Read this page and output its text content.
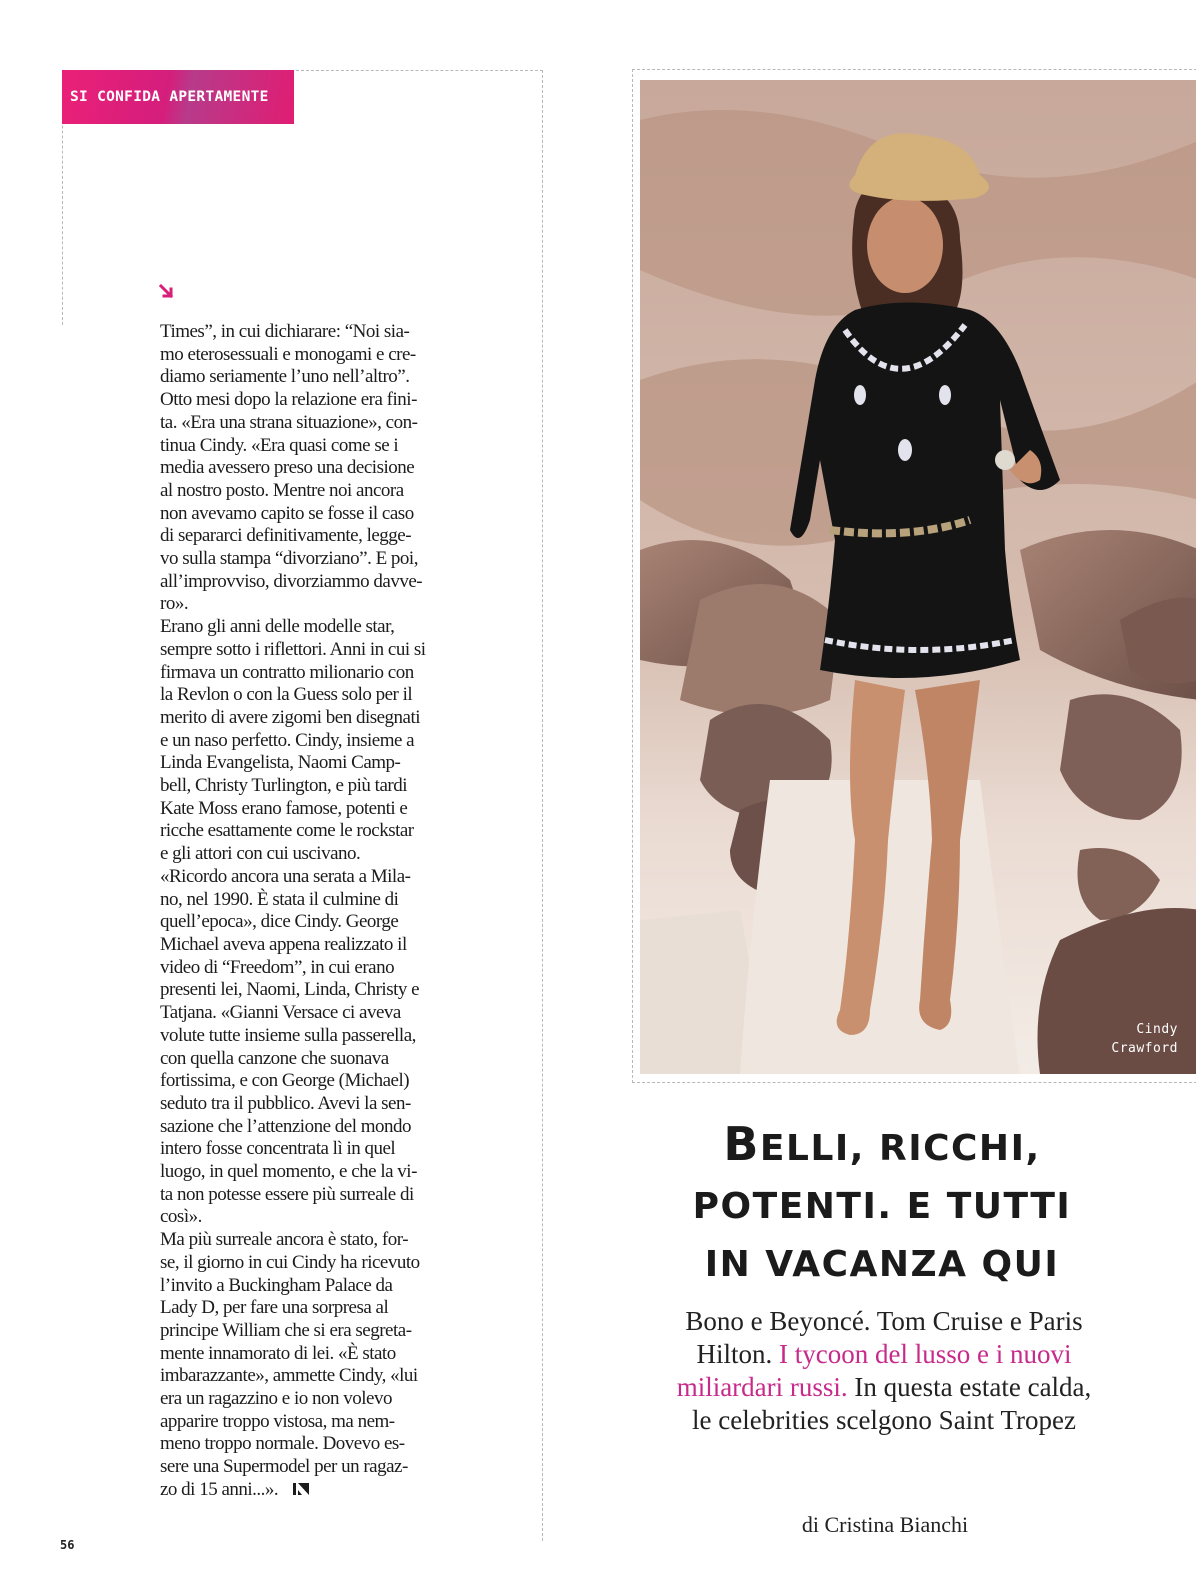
SI CONFIDA APERTAMENTE
Times”, in cui dichiarare: “Noi sia-
mo eterosessuali e monogami e cre-
diamo seriamente l’uno nell’altro”.
Otto mesi dopo la relazione era fini-
ta. «Era una strana situazione», con-
tinua Cindy. «Era quasi come se i
media avessero preso una decisione
al nostro posto. Mentre noi ancora
non avevamo capito se fosse il caso
di separarci definitivamente, legge-
vo sulla stampa “divorziano”. E poi,
all’improvviso, divorziammo davve-
ro».
Erano gli anni delle modelle star,
sempre sotto i riflettori. Anni in cui si
firmava un contratto milionario con
la Revlon o con la Guess solo per il
merito di avere zigomi ben disegnati
e un naso perfetto. Cindy, insieme a
Linda Evangelista, Naomi Camp-
bell, Christy Turlington, e più tardi
Kate Moss erano famose, potenti e
ricche esattamente come le rockstar
e gli attori con cui uscivano.
«Ricordo ancora una serata a Mila-
no, nel 1990. È stata il culmine di
quell’epoca», dice Cindy. George
Michael aveva appena realizzato il
video di “Freedom”, in cui erano
presenti lei, Naomi, Linda, Christy e
Tatjana. «Gianni Versace ci aveva
volute tutte insieme sulla passerella,
con quella canzone che suonava
fortissima, e con George (Michael)
seduto tra il pubblico. Avevi la sen-
sazione che l’attenzione del mondo
intero fosse concentrata lì in quel
luogo, in quel momento, e che la vi-
ta non potesse essere più surreale di
così».
Ma più surreale ancora è stato, for-
se, il giorno in cui Cindy ha ricevuto
l’invito a Buckingham Palace da
Lady D, per fare una sorpresa al
principe William che si era segreta-
mente innamorato di lei. «È stato
imbarazzante», ammette Cindy, «lui
era un ragazzino e io non volevo
apparire troppo vistosa, ma nem-
meno troppo normale. Dovevo es-
sere una Supermodel per un ragaz-
zo di 15 anni...».
Cindy
Crawford
BELLI, RICCHI,
POTENTI. E TUTTI
IN VACANZA QUI
Bono e Beyoncé. Tom Cruise e Paris
Hilton. I tycoon del lusso e i nuovi
miliardari russi. In questa estate calda,
le celebrities scelgono Saint Tropez
di Cristina Bianchi
56
